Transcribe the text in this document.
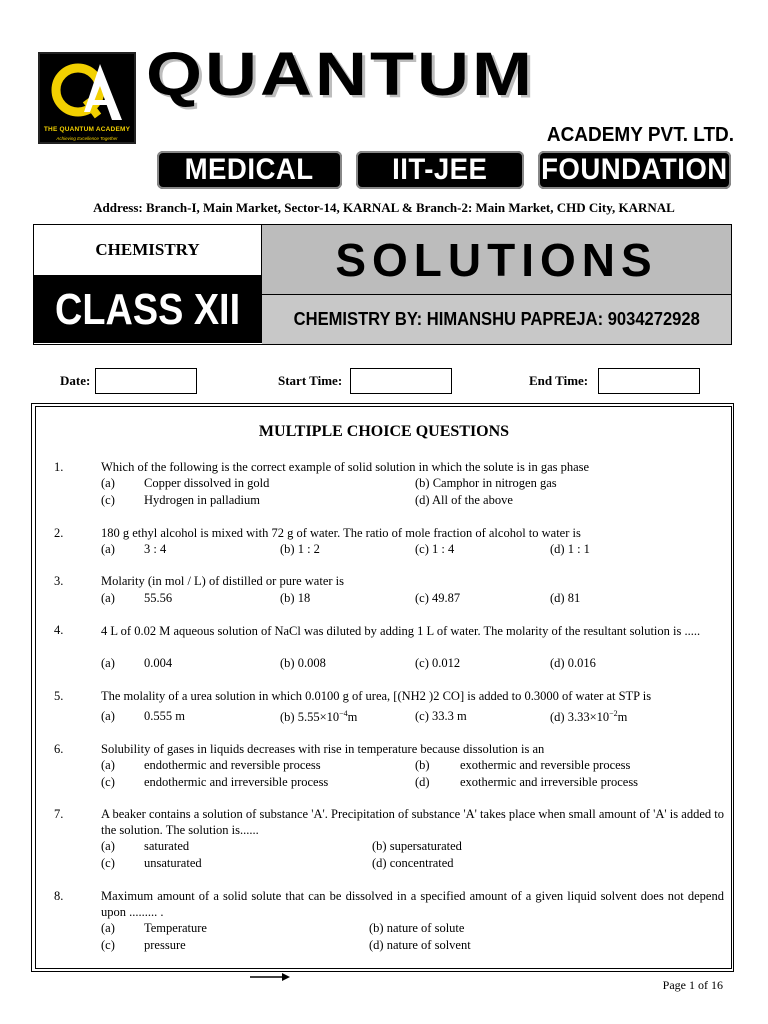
THE QUANTUM ACADEMY
Achieving Excellence Together
QUANTUM
ACADEMY PVT. LTD.
MEDICAL	IIT-JEE FOUNDATION
Address: Branch-I, Main Market, Sector-14, KARNAL & Branch-2: Main Market, CHD City, KARNAL
CHEMISTRY
CLASS XII
SOLUTIONS
CHEMISTRY BY: HIMANSHU PAPREJA: 9034272928
Date:	Start Time:	End Time:
MULTIPLE CHOICE QUESTIONS
1.	Which of the following is the correct example of solid solution in which the solute is in gas phase
(a) Copper dissolved in gold	(b) Camphor in nitrogen gas
(c) Hydrogen in palladium	(d) All of the above
2.	180 g ethyl alcohol is mixed with 72 g of water. The ratio of mole fraction of alcohol to water is
(a) 3 : 4	(b) 1 : 2	(c) 1 : 4	(d) 1 : 1
3.	Molarity (in mol / L) of distilled or pure water is
(a) 55.56	(b) 18	(c) 49.87	(d) 81
4.	4 L of 0.02 M aqueous solution of NaCl was diluted by adding 1 L of water. The molarity of the resultant solution is .....
(a) 0.004	(b) 0.008	(c) 0.012	(d) 0.016
5.	The molality of a urea solution in which 0.0100 g of urea, [(NH2 )2 CO] is added to 0.3000 of water at STP is
(a) 0.555 m	(b) $5.55\times 10^{-4}m$	(c) 33.3 m	(d) $3.33\times 10^{-2}m$
6.	Solubility of gases in liquids decreases with rise in temperature because dissolution is an
(a) endothermic and reversible process	(b) exothermic and reversible process
(c) endothermic and irreversible process	(d) exothermic and irreversible process
7.	A beaker contains a solution of substance 'A'. Precipitation of substance 'A' takes place when small amount of 'A' is added to the solution. The solution is......
(a) saturated	(b) supersaturated
(c) unsaturated	(d) concentrated
8.	Maximum amount of a solid solute that can be dissolved in a specified amount of a given liquid solvent does not depend upon ......... .
(a) Temperature	(b) nature of solute
(c) pressure	(d) nature of solvent
Page 1 of 16
